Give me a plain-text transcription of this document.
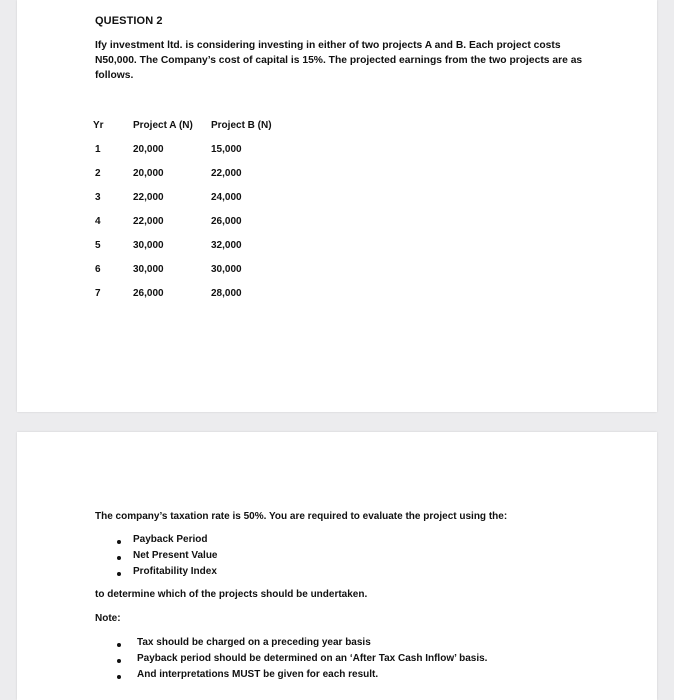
QUESTION 2
Ify investment ltd. is considering investing in either of two projects A and B. Each project costs N50,000. The Company’s cost of capital is 15%. The projected earnings from the two projects are as follows.
Yr	Project A (N) Project B (N)
1	20,000	15,000
2	20,000	22,000
3	22,000	24,000
4	22,000	26,000
5	30,000	32,000
6	30,000	30,000
7	26,000	28,000
The company’s taxation rate is 50%. You are required to evaluate the project using the:
Payback Period
Net Present Value
Profitability Index
to determine which of the projects should be undertaken.
Note:
Tax should be charged on a preceding year basis
Payback period should be determined on an ‘After Tax Cash Inflow’ basis.
And interpretations MUST be given for each result.
